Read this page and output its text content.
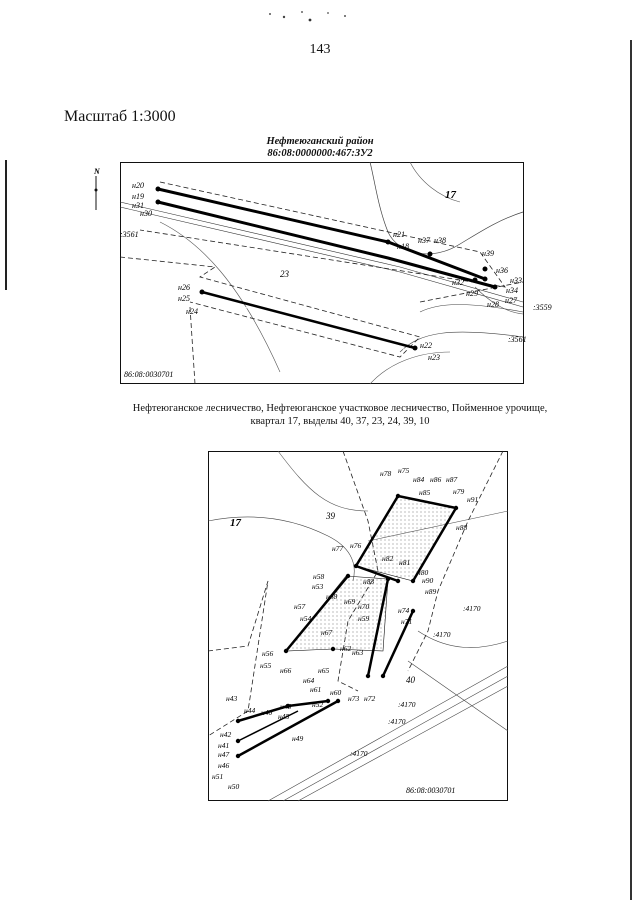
143
Масштаб 1:3000
Нефтеюганский район
86:08:0000000:467:ЗУ2
N
н20
н19
н31
н30
н21
н18
н37 н38
н39
н36
н33
н34
н32
н29
н27
н28
н26
н25
н24
н22
н23
:3561
:3559
:3561
17
23
86:08:0030701
Нефтеюганское лесничество, Нефтеюганское участковое лесничество, Пойменное урочище,
квартал 17, выделы 40, 37, 23, 24, 39, 10
н78 н75
н84 н86 н87
н85	н79
н91
н88
н77 н76
н82 н81
н80
н90
н89
н58
н53
н83
н68
н69
н57
н54
н70	н74
н59	н71
н67
н56
н55
н66
н62 н63
н65
н64
н61 н60
н73 н72
н43
н44 н40
н48
н45
н52
н42
н41
н47
н49
н46
н51
н50
:4170
:4170
:4170
:4170
:4170
17
39
40
86:08:0030701
